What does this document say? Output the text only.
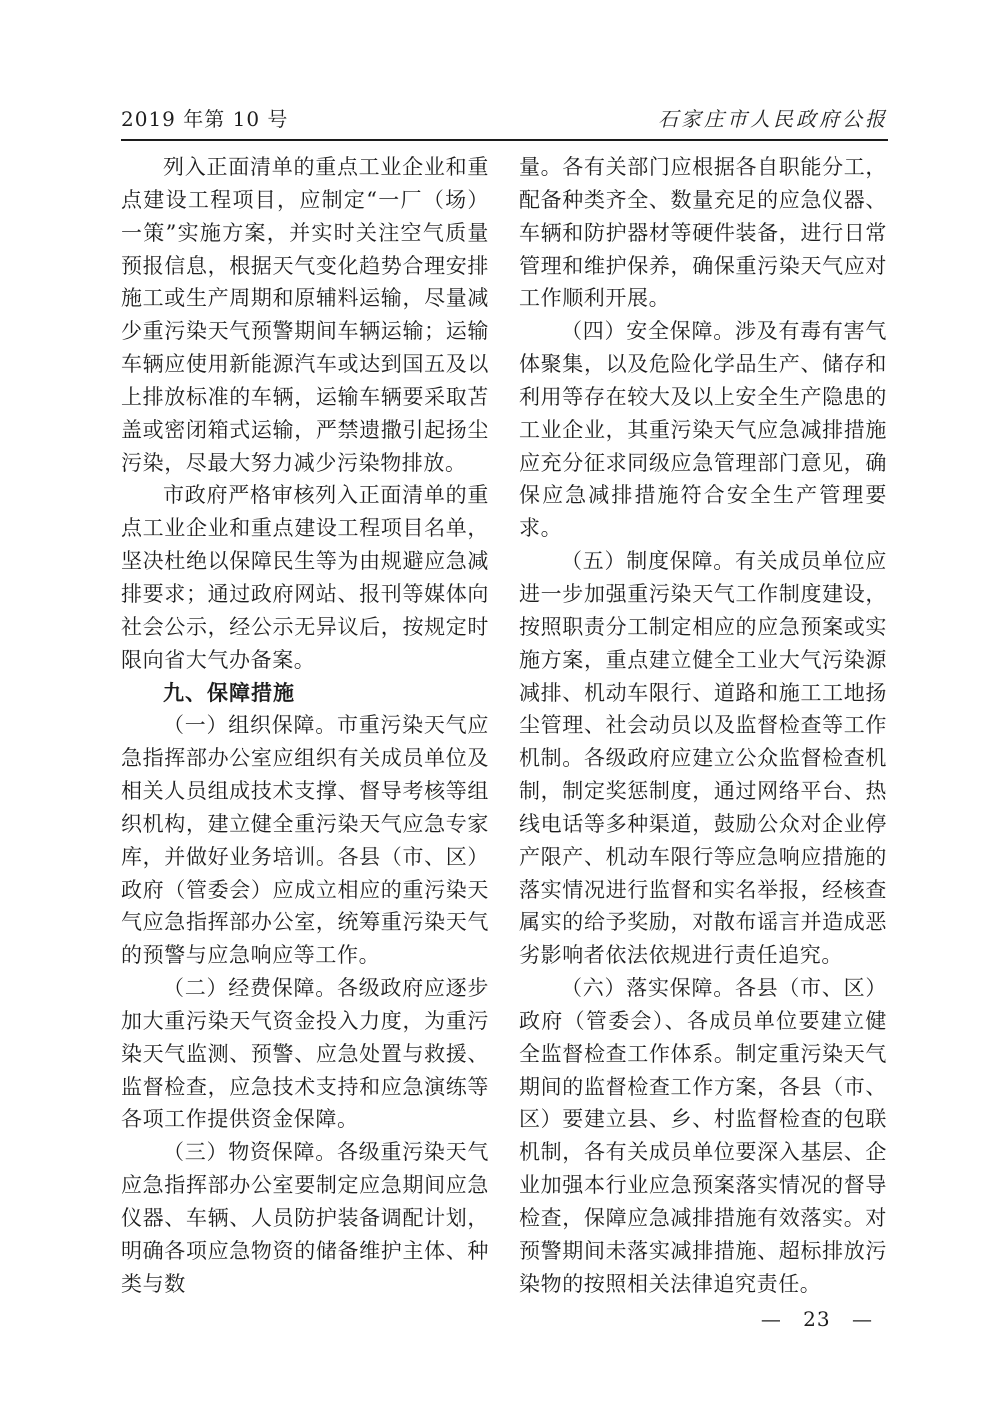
2019 年第 10 号	石家庄市人民政府公报

列入正面清单的重点工业企业和重点建设工程项目，应制定“一厂（场）一策”实施方案，并实时关注空气质量预报信息，根据天气变化趋势合理安排施工或生产周期和原辅料运输，尽量减少重污染天气预警期间车辆运输；运输车辆应使用新能源汽车或达到国五及以上排放标准的车辆，运输车辆要采取苫盖或密闭箱式运输，严禁遗撒引起扬尘污染，尽最大努力减少污染物排放。

市政府严格审核列入正面清单的重点工业企业和重点建设工程项目名单，坚决杜绝以保障民生等为由规避应急减排要求；通过政府网站、报刊等媒体向社会公示，经公示无异议后，按规定时限向省大气办备案。

九、保障措施

（一）组织保障。市重污染天气应急指挥部办公室应组织有关成员单位及相关人员组成技术支撑、督导考核等组织机构，建立健全重污染天气应急专家库，并做好业务培训。各县（市、区）政府（管委会）应成立相应的重污染天气应急指挥部办公室，统筹重污染天气的预警与应急响应等工作。

（二）经费保障。各级政府应逐步加大重污染天气资金投入力度，为重污染天气监测、预警、应急处置与救援、监督检查，应急技术支持和应急演练等各项工作提供资金保障。

（三）物资保障。各级重污染天气应急指挥部办公室要制定应急期间应急仪器、车辆、人员防护装备调配计划，明确各项应急物资的储备维护主体、种类与数

量。各有关部门应根据各自职能分工，配备种类齐全、数量充足的应急仪器、车辆和防护器材等硬件装备，进行日常管理和维护保养，确保重污染天气应对工作顺利开展。

（四）安全保障。涉及有毒有害气体聚集，以及危险化学品生产、储存和利用等存在较大及以上安全生产隐患的工业企业，其重污染天气应急减排措施应充分征求同级应急管理部门意见，确保应急减排措施符合安全生产管理要求。

（五）制度保障。有关成员单位应进一步加强重污染天气工作制度建设，按照职责分工制定相应的应急预案或实施方案，重点建立健全工业大气污染源减排、机动车限行、道路和施工工地扬尘管理、社会动员以及监督检查等工作机制。各级政府应建立公众监督检查机制，制定奖惩制度，通过网络平台、热线电话等多种渠道，鼓励公众对企业停产限产、机动车限行等应急响应措施的落实情况进行监督和实名举报，经核查属实的给予奖励，对散布谣言并造成恶劣影响者依法依规进行责任追究。

（六）落实保障。各县（市、区）政府（管委会）、各成员单位要建立健全监督检查工作体系。制定重污染天气期间的监督检查工作方案，各县（市、区）要建立县、乡、村监督检查的包联机制，各有关成员单位要深入基层、企业加强本行业应急预案落实情况的督导检查，保障应急减排措施有效落实。对预警期间未落实减排措施、超标排放污染物的按照相关法律追究责任。

— 23 —
